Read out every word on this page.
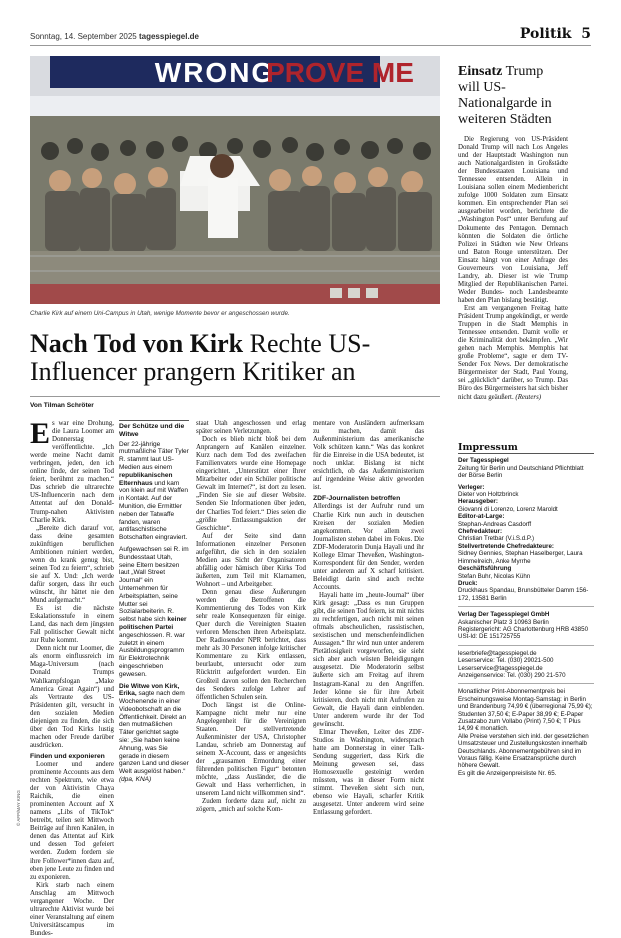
Sonntag, 14. September 2025 tagesspiegel.de	Politik 5
WRONG
PROVE ME
Charlie Kirk auf einem Uni-Campus in Utah, wenige Momente bevor er angeschossen wurde.
Nach Tod von Kirk Rechte US-Influencer prangern Kritiker an
Von Tilman Schröter

Es war eine Drohung, die Laura Loomer am Donnerstag veröffentlichte. „Ich werde meine Nacht damit verbringen, jeden, den ich online finde, der seinen Tod feiert, berühmt zu machen.“ Das schrieb die ultrarechte US-Influencerin nach dem Attentat auf den Donald-Trump-nahen Aktivisten Charlie Kirk.

„Bereite dich darauf vor, dass deine gesamten zukünftigen beruflichen Ambitionen ruiniert werden, wenn du krank genug bist, seinen Tod zu feiern“, schrieb sie auf X. Und: „Ich werde dafür sorgen, dass ihr euch wünscht, ihr hättet nie den Mund aufgemacht.“

Es ist die nächste Eskalationsstufe in einem Land, das nach dem jüngsten Fall politischer Gewalt nicht zur Ruhe kommt.

Denn nicht nur Loomer, die als enorm einflussreich im Maga-Universum (nach Donald Trumps Wahlkampfslogan „Make America Great Again“) und als Vertraute des US-Präsidenten gilt, versucht in den sozialen Medien diejenigen zu finden, die sich über den Tod Kirks lustig machen oder Freude darüber ausdrücken.

Finden und exponieren

Loomer und andere prominente Accounts aus dem rechten Spektrum, wie etwa der von Aktivistin Chaya Raichik, die einen prominenten Account auf X namens „Libs of TikTok“ betreibt, teilen seit Mittwoch Beiträge auf ihren Kanälen, in denen das Attentat auf Kirk und dessen Tod gefeiert werden. Zudem fordern sie ihre Follower*innen dazu auf, eben jene Leute zu finden und zu exponieren.

Kirk starb nach einem Anschlag am Mittwoch vergangener Woche. Der ultrarechte Aktivist wurde bei einer Veranstaltung auf einem Universitätscampus im Bundes-

Der Schütze und die Witwe

Der 22-jährige mutmaßliche Täter Tyler R. stammt laut US-Medien aus einem republikanischen Elternhaus und kam von klein auf mit Waffen in Kontakt. Auf der Munition, die Ermittler neben der Tatwaffe fanden, waren antifaschistische Botschaften eingraviert.

Aufgewachsen sei R. im Bundesstaat Utah, seine Eltern besitzen laut „Wall Street Journal“ ein Unternehmen für Arbeitsplatten, seine Mutter sei Sozialarbeiterin. R. selbst habe sich keiner politischen Partei angeschlossen. R. war zuletzt in einem Ausbildungsprogramm für Elektrotechnik eingeschrieben gewesen.

Die Witwe von Kirk, Erika, sagte nach dem Wochenende in einer Videobotschaft an die Öffentlichkeit. Direkt an den mutmaßlichen Täter gerichtet sagte sie: „Sie haben keine Ahnung, was Sie gerade in diesem ganzen Land und dieser Welt ausgelöst haben.“ (dpa, KNA)

staat Utah angeschossen und erlag später seinen Verletzungen.

Doch es blieb nicht bloß bei dem Anprangern auf Kanälen einzelner. Kurz nach dem Tod des zweifachen Familienvaters wurde eine Homepage eingerichtet. „Unterstützt einer Ihrer Mitarbeiter oder ein Schüler politische Gewalt im Internet?“, ist dort zu lesen. „Finden Sie sie auf dieser Website. Senden Sie Informationen über jeden, der Charlies Tod feiert.“ Dies seien die „größte Entlassungsaktion der Geschichte“.

Auf der Seite sind dann Informationen einzelner Personen aufgeführt, die sich in den sozialen Medien aus Sicht der Organisatoren abfällig oder hämisch über Kirks Tod äußerten, zum Teil mit Klarnamen, Wohnort – und Arbeitgeber.

Denn genau diese Äußerungen werden die Betroffenen die Kommentierung des Todes von Kirk sehr reale Konsequenzen für einige. Quer durch die Vereinigten Staaten verloren Menschen ihren Arbeitsplatz. Der Radiosender NPR berichtet, dass mehr als 30 Personen infolge kritischer Kommentare zu Kirk entlassen, beurlaubt, untersucht oder zum Rücktritt aufgefordert wurden. Ein Großteil davon sollen den Recherchen des Senders zufolge Lehrer auf öffentlichen Schulen sein.

Doch längst ist die Online-Kampagne nicht mehr nur eine Angelegenheit für die Vereinigten Staaten. Der stellvertretende Außenminister der USA, Christopher Landau, schrieb am Donnerstag auf seinem X-Account, dass er angesichts der „grausamen Ermordung einer führenden politischen Figur“ betonten möchte, „dass Ausländer, die die Gewalt und Hass verherrlichen, in unserem Land nicht willkommen sind“.

Zudem forderte dazu auf, nicht zu zögern, „mich auf solche Kom-

mentare von Ausländern aufmerksam zu machen, damit das Außenministerium das amerikanische Volk schützen kann.“ Was das konkret für die Einreise in die USA bedeutet, ist noch unklar. Bislang ist nicht ersichtlich, ob das Außenministerium auf irgendeine Weise aktiv geworden ist.

ZDF-Journalisten betroffen

Allerdings ist der Aufruhr rund um Charlie Kirk nun auch in deutschen Kreisen der sozialen Medien angekommen. Vor allem zwei Journalisten stehen dabei im Fokus. Die ZDF-Moderatorin Dunja Hayali und ihr Kollege Elmar Theveßen, Washington-Korrespondent für den Sender, werden unter anderem auf X scharf kritisiert. Beleidigt darin sind auch rechte Accounts.

Hayali hatte im „heute-Journal“ über Kirk gesagt: „Dass es nun Gruppen gibt, die seinen Tod feiern, ist mit nichts zu rechtfertigen, auch nicht mit seinen oftmals abscheulichen, rassistischen, sexistischen und menschenfeindlichen Aussagen.“ Ihr wird nun unter anderem Pietätlosigkeit vorgeworfen, sie sieht sich aber auch wüsten Beleidigungen ausgesetzt. Die Moderatorin selbst äußerte sich am Freitag auf ihrem Instagram-Kanal zu den Angriffen. Jeder könne sie für ihre Arbeit kritisieren, doch nicht mit Aufrufen zu Gewalt, die Hayali dann einblenden. Unter anderem wurde ihr der Tod gewünscht.

Elmar Theveßen, Leiter des ZDF-Studios in Washington, widersprach hatte am Donnerstag in einer Talk-Sendung suggeriert, dass Kirk die Meinung gewesen sei, dass Homosexuelle gesteinigt werden müssten, was in dieser Form nicht stimmt. Theveßen sieht sich nun, ebenso wie Hayali, scharfer Kritik ausgesetzt. Unter anderem wird seine Entlassung gefordert.

Einsatz Trump will US-Nationalgarde in weiteren Städten

Die Regierung von US-Präsident Donald Trump will nach Los Angeles und der Hauptstadt Washington nun auch Nationalgardisten in Großstädte der Bundesstaaten Louisiana und Tennessee entsenden. Allein in Louisiana sollen einem Medienbericht zufolge 1000 Soldaten zum Einsatz kommen. Ein entsprechender Plan sei ausgearbeitet worden, berichtete die „Washington Post“ unter Berufung auf Dokumente des Pentagon. Demnach könnten die Soldaten die örtliche Polizei in Städten wie New Orleans und Baton Rouge unterstützen. Der Einsatz hängt von einer Anfrage des Gouverneurs von Louisiana, Jeff Landry, ab. Dieser ist wie Trump Mitglied der Republikanischen Partei. Weder Bundes- noch Landesbeamte haben den Plan bislang bestätigt.

Erst am vergangenen Freitag hatte Präsident Trump angekündigt, er werde Truppen in die Stadt Memphis in Tennessee entsenden. Damit wolle er die Kriminalität dort bekämpfen. „Wir gehen nach Memphis. Memphis hat große Probleme“, sagte er dem TV-Sender Fox News. Der demokratische Bürgermeister der Stadt, Paul Young, sei „glücklich“ darüber, so Trump. Das Büro des Bürgermeisters hat sich bisher nicht dazu geäußert. (Reuters)

Impressum
Der Tagesspiegel
Zeitung für Berlin und Deutschland Pflichtblatt der Börse Berlin
Verleger:
Dieter von Holtzbrinck
Herausgeber:
Giovanni di Lorenzo, Lorenz Maroldt
Editor-at-Large:
Stephan-Andreas Casdorff
Chefredakteur:
Christian Tretbar (V.i.S.d.P.)
Stellvertretende Chefredakteure:
Sidney Gennies, Stephan Haselberger, Laura Himmelreich, Anke Myrrhe
Geschäftsführung
Stefan Buhr, Nicolas Kühn
Druck:
Druckhaus Spandau, Brunsbütteler Damm 156-172, 13581 Berlin
Verlag Der Tagesspiegel GmbH
Askanischer Platz 3 10963 Berlin
Registergericht: AG Charlottenburg HRB 43850
USt-Id: DE 151725755
leserbriefe@tagesspiegel.de
Leserservice: Tel. (030) 29021-500
Leserservice@tagesspiegel.de
Anzeigenservice: Tel. (030) 290 21-570
Monatlicher Print-Abonnementpreis bei Erscheinungsweise Montag-Samstag: in Berlin und Brandenburg 74,99 € (überregional 75,99 €); Studenten 37,50 €; E-Paper 38,99 €; E-Paper Zusatzabo zum Vollabo (Print) 7,50 €; T Plus 14,99 € monatlich.
Alle Preise verstehen sich inkl. der gesetzlichen Umsatzsteuer und Zustellungskosten innerhalb Deutschlands. Abonnementgebühren sind im Voraus fällig. Keine Ersatzansprüche durch höhere Gewalt.
Es gilt die Anzeigenpreisliste Nr. 65.
© AFP/MAY KING
